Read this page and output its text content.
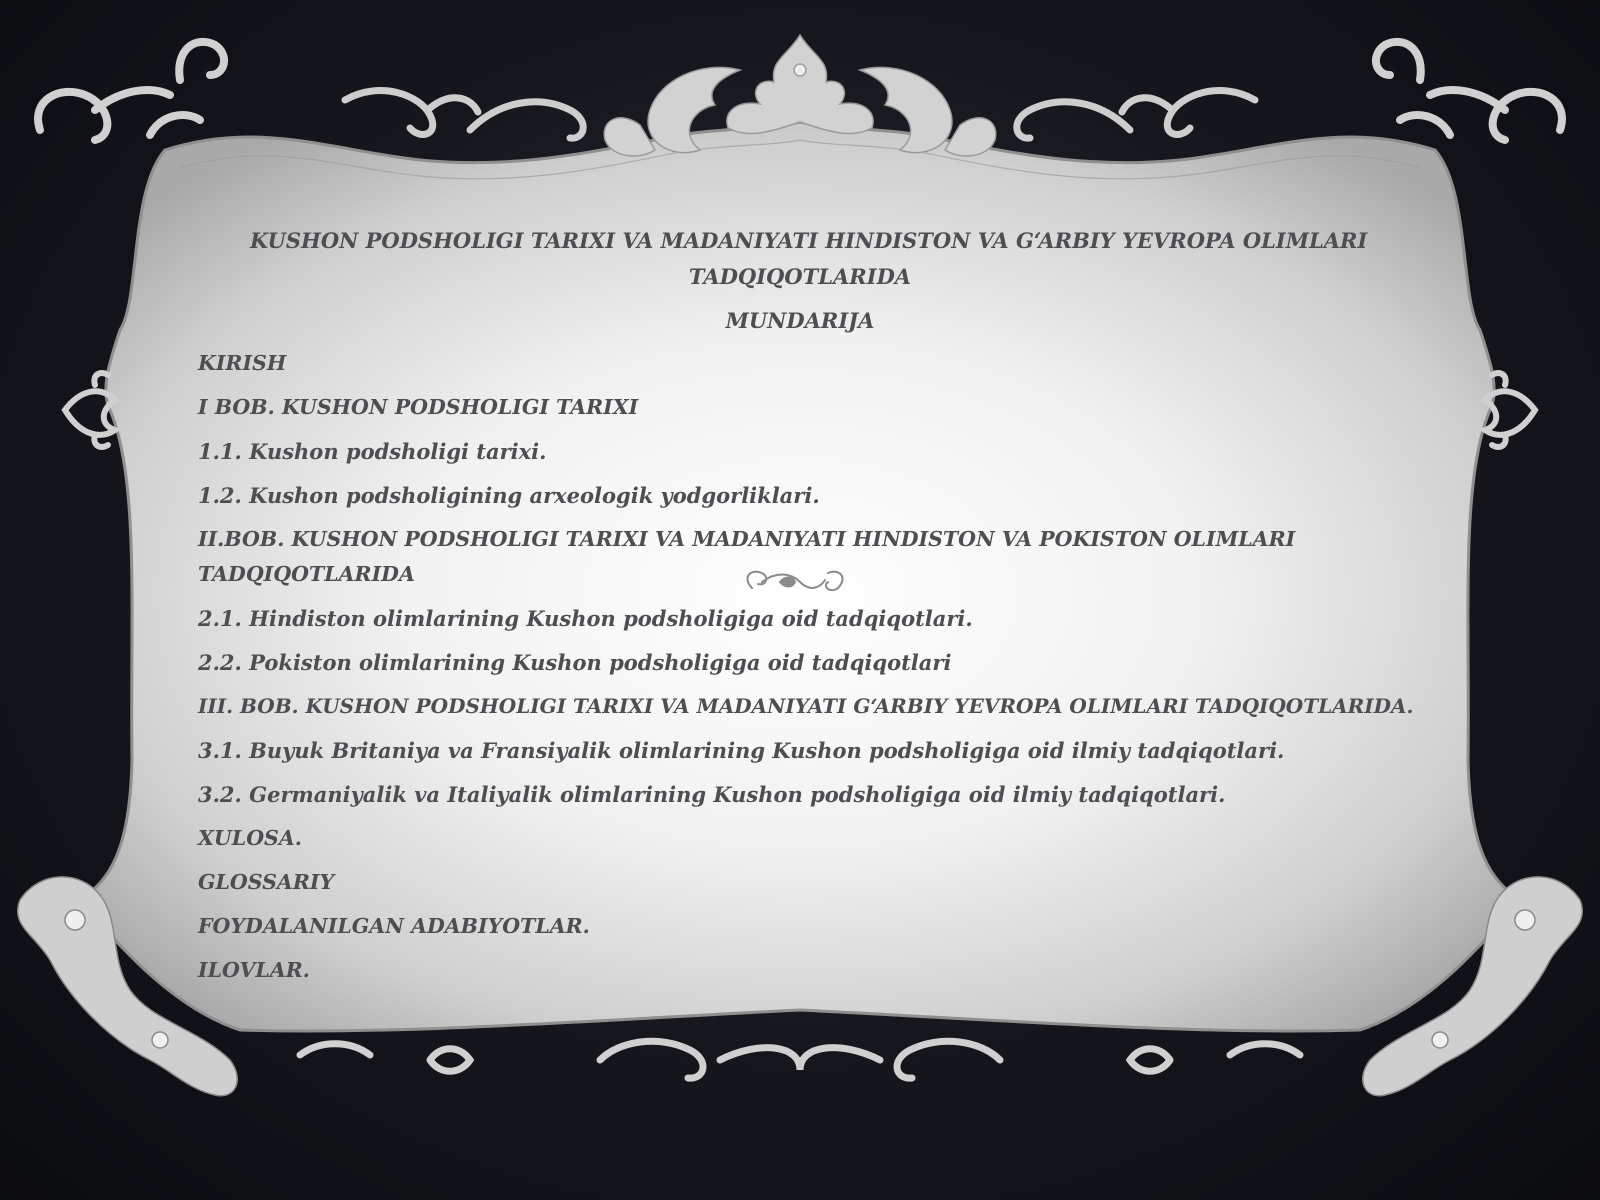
KUSHON PODSHOLIGI TARIXI VA MADANIYATI HINDISTON VA G‘ARBIY YEVROPA OLIMLARI
TADQIQOTLARIDA
MUNDARIJA
KIRISH
I BOB. KUSHON PODSHOLIGI TARIXI
1.1. Kushon podsholigi tarixi.
1.2. Kushon podsholigining arxeologik yodgorliklari.
II.BOB. KUSHON PODSHOLIGI TARIXI VA MADANIYATI HINDISTON VA POKISTON OLIMLARI
TADQIQOTLARIDA
2.1. Hindiston olimlarining Kushon podsholigiga oid tadqiqotlari.
2.2. Pokiston olimlarining Kushon podsholigiga oid tadqiqotlari
III. BOB. KUSHON PODSHOLIGI TARIXI VA MADANIYATI G‘ARBIY YEVROPA OLIMLARI TADQIQOTLARIDA.
3.1. Buyuk Britaniya va Fransiyalik olimlarining Kushon podsholigiga oid ilmiy tadqiqotlari.
3.2. Germaniyalik va Italiyalik olimlarining Kushon podsholigiga oid ilmiy tadqiqotlari.
XULOSA.
GLOSSARIY
FOYDALANILGAN ADABIYOTLAR.
ILOVLAR.
